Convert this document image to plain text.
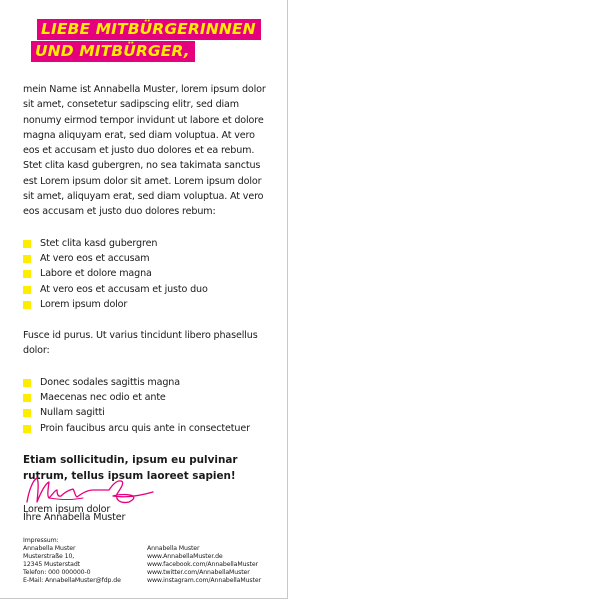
LIEBE MITBÜRGERINNEN
UND MITBÜRGER,

mein Name ist Annabella Muster, lorem ipsum dolor sit amet, consetetur sadipscing elitr, sed diam nonumy eirmod tempor invidunt ut labore et dolore magna aliquyam erat, sed diam voluptua. At vero eos et accusam et justo duo dolores et ea rebum. Stet clita kasd gubergren, no sea takimata sanctus est Lorem ipsum dolor sit amet. Lorem ipsum dolor sit amet, aliquyam erat, sed diam voluptua. At vero eos accusam et justo duo dolores rebum:

Stet clita kasd gubergren
At vero eos et accusam
Labore et dolore magna
At vero eos et accusam et justo duo
Lorem ipsum dolor

Fusce id purus. Ut varius tincidunt libero phasellus dolor:

Donec sodales sagittis magna
Maecenas nec odio et ante
Nullam sagitti
Proin faucibus arcu quis ante in consectetuer

Etiam sollicitudin, ipsum eu pulvinar rutrum, tellus ipsum laoreet sapien!

Lorem ipsum dolor

Ihre Annabella Muster
Impressum:
Annabella Muster
Musterstraße 10,
12345 Musterstadt
Telefon: 000 000000-0
E-Mail: AnnabellaMuster@fdp.de
Annabella Muster
www.AnnabellaMuster.de
www.facebook.com/AnnabellaMuster
www.twitter.com/AnnabellaMuster
www.instagram.com/AnnabellaMuster
